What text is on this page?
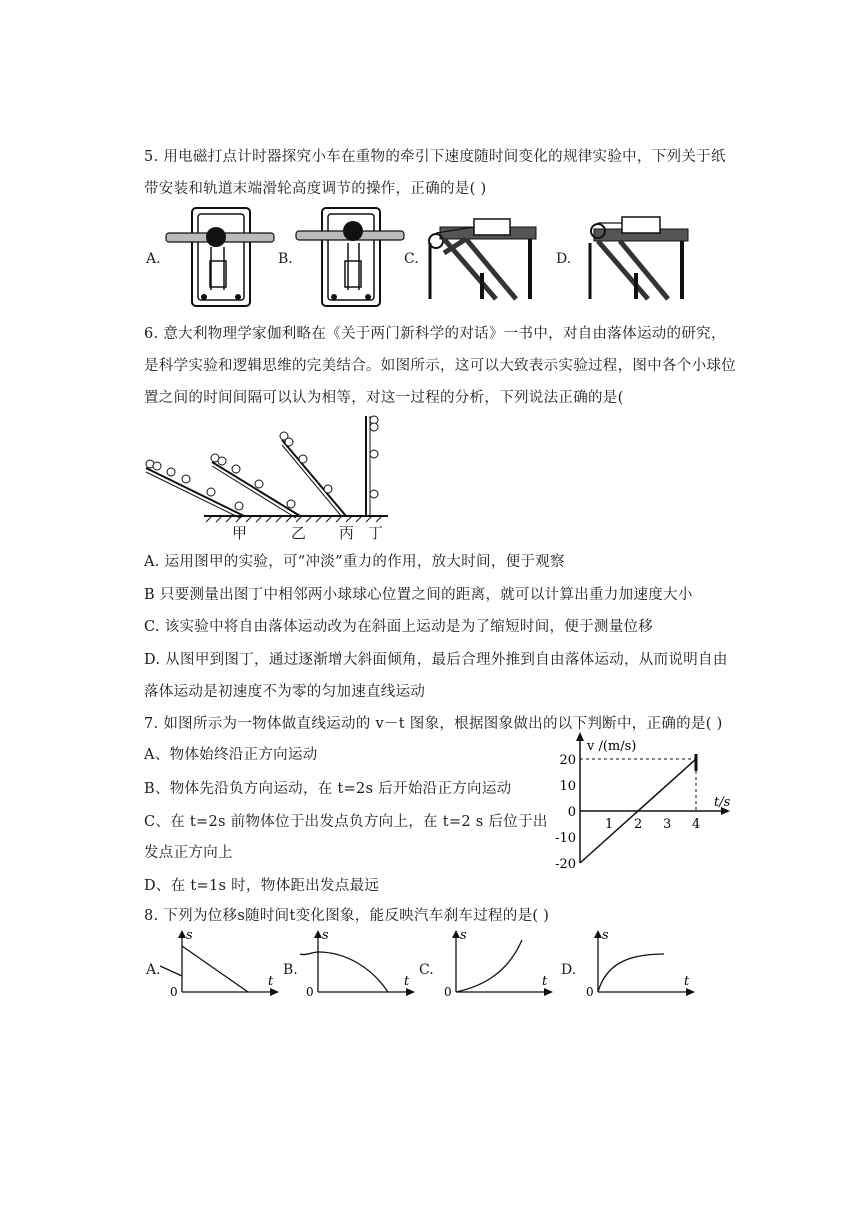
5. 用电磁打点计时器探究小车在重物的牵引下速度随时间变化的规律实验中，下列关于纸
带安装和轨道末端滑轮高度调节的操作，正确的是( )
A.	B.	C.	D.
6. 意大利物理学家伽利略在《关于两门新科学的对话》一书中，对自由落体运动的研究，
是科学实验和逻辑思维的完美结合。如图所示，这可以大致表示实验过程，图中各个小球位
置之间的时间间隔可以认为相等，对这一过程的分析，下列说法正确的是(
甲	乙 丙 丁
A. 运用图甲的实验，可“冲淡”重力的作用，放大时间，便于观察
B 只要测量出图丁中相邻两小球球心位置之间的距离，就可以计算出重力加速度大小
C. 该实验中将自由落体运动改为在斜面上运动是为了缩短时间，便于测量位移
D. 从图甲到图丁，通过逐渐增大斜面倾角，最后合理外推到自由落体运动，从而说明自由
落体运动是初速度不为零的匀加速直线运动
7. 如图所示为一物体做直线运动的 v－t 图象，根据图象做出的以下判断中，正确的是( )
A、物体始终沿正方向运动
B、物体先沿负方向运动，在 t=2s 后开始沿正方向运动
C、在 t=2s 前物体位于出发点负方向上，在 t=2 s 后位于出
发点正方向上
D、在 t=1s 时，物体距出发点最远
v /(m/s)
t/s
20
10
0
-10
-20
1 2 3 4
8. 下列为位移s随时间t变化图象，能反映汽车刹车过程的是( )
A.
s
t
0
B.
s
t
0
C.
s
t
0
D.
s
t
0
